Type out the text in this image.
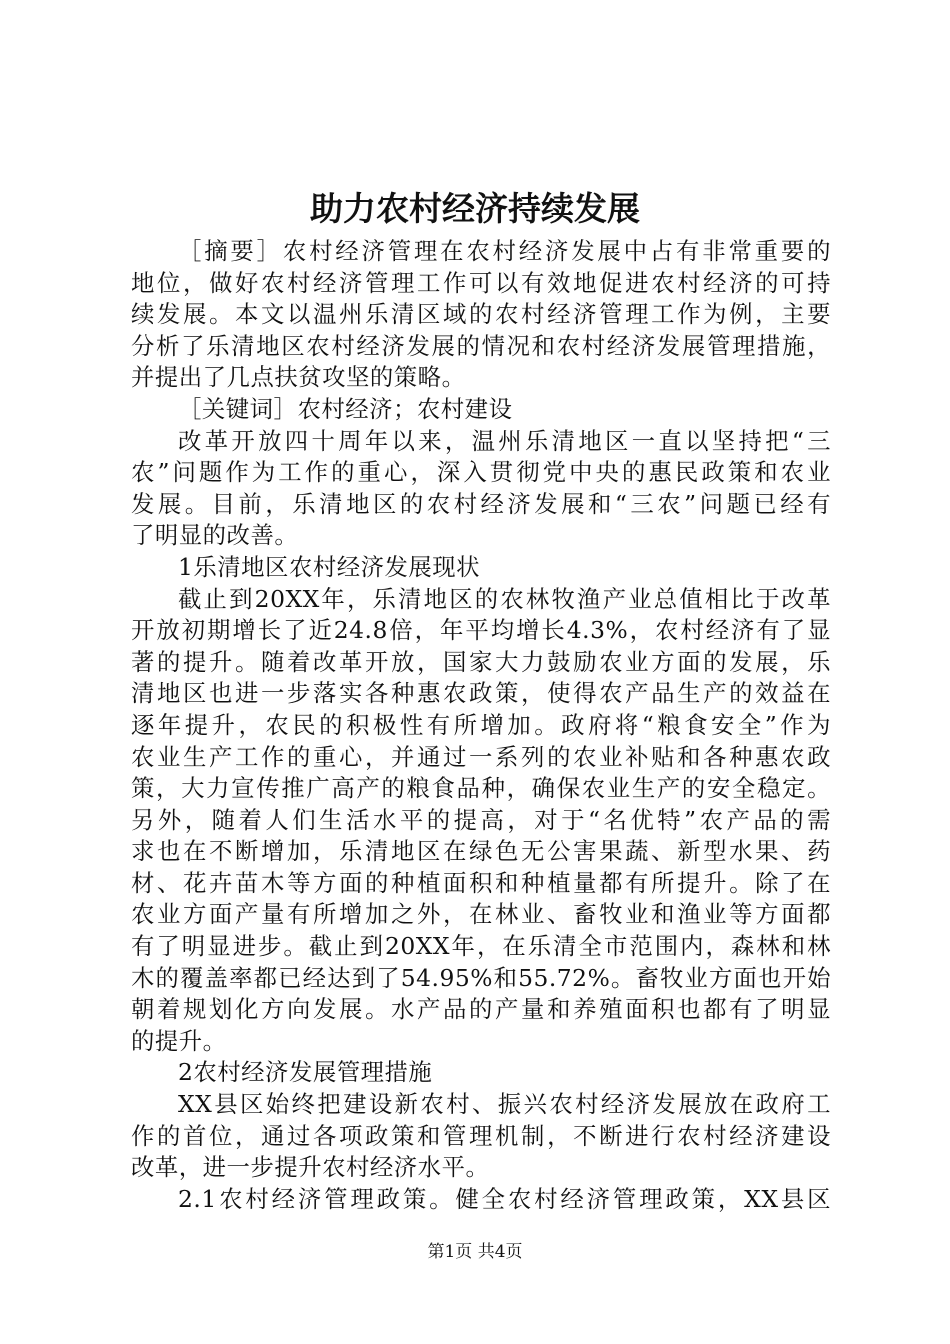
助力农村经济持续发展
［摘要］农村经济管理在农村经济发展中占有非常重要的
地位，做好农村经济管理工作可以有效地促进农村经济的可持
续发展。本文以温州乐清区域的农村经济管理工作为例，主要
分析了乐清地区农村经济发展的情况和农村经济发展管理措施，
并提出了几点扶贫攻坚的策略。
［关键词］农村经济；农村建设
改革开放四十周年以来，温州乐清地区一直以坚持把“三
农”问题作为工作的重心，深入贯彻党中央的惠民政策和农业
发展。目前，乐清地区的农村经济发展和“三农”问题已经有
了明显的改善。
1乐清地区农村经济发展现状
截止到20XX年，乐清地区的农林牧渔产业总值相比于改革
开放初期增长了近24.8倍，年平均增长4.3%，农村经济有了显
著的提升。随着改革开放，国家大力鼓励农业方面的发展，乐
清地区也进一步落实各种惠农政策，使得农产品生产的效益在
逐年提升，农民的积极性有所增加。政府将“粮食安全”作为
农业生产工作的重心，并通过一系列的农业补贴和各种惠农政
策，大力宣传推广高产的粮食品种，确保农业生产的安全稳定。
另外，随着人们生活水平的提高，对于“名优特”农产品的需
求也在不断增加，乐清地区在绿色无公害果蔬、新型水果、药
材、花卉苗木等方面的种植面积和种植量都有所提升。除了在
农业方面产量有所增加之外，在林业、畜牧业和渔业等方面都
有了明显进步。截止到20XX年，在乐清全市范围内，森林和林
木的覆盖率都已经达到了54.95%和55.72%。畜牧业方面也开始
朝着规划化方向发展。水产品的产量和养殖面积也都有了明显
的提升。
2农村经济发展管理措施
XX县区始终把建设新农村、振兴农村经济发展放在政府工
作的首位，通过各项政策和管理机制，不断进行农村经济建设
改革，进一步提升农村经济水平。
2.1农村经济管理政策。健全农村经济管理政策，XX县区
第1页 共4页
